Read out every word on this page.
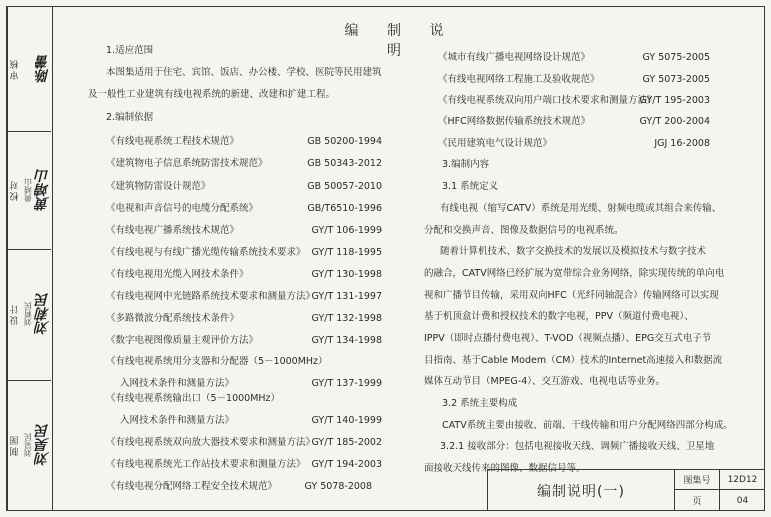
审核 陈蕾
校对 黄靖山 黄靖山
设计 刘莉民 刘莉民
制图 刘昊民 刘昊民
编 制 说 明
1.适应范围
本图集适用于住宅、宾馆、饭店、办公楼、学校、医院等民用建筑
及一般性工业建筑有线电视系统的新建、改建和扩建工程。
2.编制依据
《有线电视系统工程技术规范》	GB 50200-1994
《建筑物电子信息系统防雷技术规范》	GB 50343-2012
《建筑物防雷设计规范》	GB 50057-2010
《电视和声音信号的电缆分配系统》	GB/T6510-1996
《有线电视广播系统技术规范》	GY/T 106-1999
《有线电视与有线广播光缆传输系统技术要求》 GY/T 118-1995
《有线电视用光缆入网技术条件》	GY/T 130-1998
《有线电视网中光链路系统技术要求和测量方法》
GY/T 131-1997
《多路微波分配系统技术条件》	GY/T 132-1998
《数字电视图像质量主观评价方法》	GY/T 134-1998
《有线电视系统用分支器和分配器（5－1000MHz）
入网技术条件和测量方法》	GY/T 137-1999
《有线电视系统输出口（5－1000MHz）
入网技术条件和测量方法》	GY/T 140-1999
《有线电视系统双向放大器技术要求和测量方法》
GY/T 185-2002
《有线电视系统光工作站技术要求和测量方法》 GY/T 194-2003
《有线电视分配网络工程安全技术规范》	GY 5078-2008
《城市有线广播电视网络设计规范》	GY 5075-2005
《有线电视网络工程施工及验收规范》	GY 5073-2005
《有线电视系统双向用户端口技术要求和测量方法》
GY/T 195-2003
《HFC网络数据传输系统技术规范》	GY/T 200-2004
《民用建筑电气设计规范》	JGJ 16-2008
3.编制内容
3.1 系统定义
有线电视（缩写CATV）系统是用光缆、射频电缆或其组合来传输、
分配和交换声音、图像及数据信号的电视系统。
随着计算机技术、数字交换技术的发展以及模拟技术与数字技术
的融合，CATV网络已经扩展为宽带综合业务网络，除实现传统的单向电
视和广播节目传输，采用双向HFC（光纤同轴混合）传输网络可以实现
基于机顶盒计费和授权技术的数字电视，PPV（频道付费电视）、
IPPV（即时点播付费电视）、T-VOD（视频点播）、EPG交互式电子节
目指南、基于Cable Modem（CM）技术的Internet高速接入和数据流
媒体互动节目（MPEG-4）、交互游戏、电视电话等业务。
3.2 系统主要构成
CATV系统主要由接收、前端、干线传输和用户分配网络四部分构成。
3.2.1 接收部分：包括电视接收天线、调频广播接收天线、卫星地
面接收天线传来的图像、数据信号等。
编制说明(一)
图集号	12D12
页	04
